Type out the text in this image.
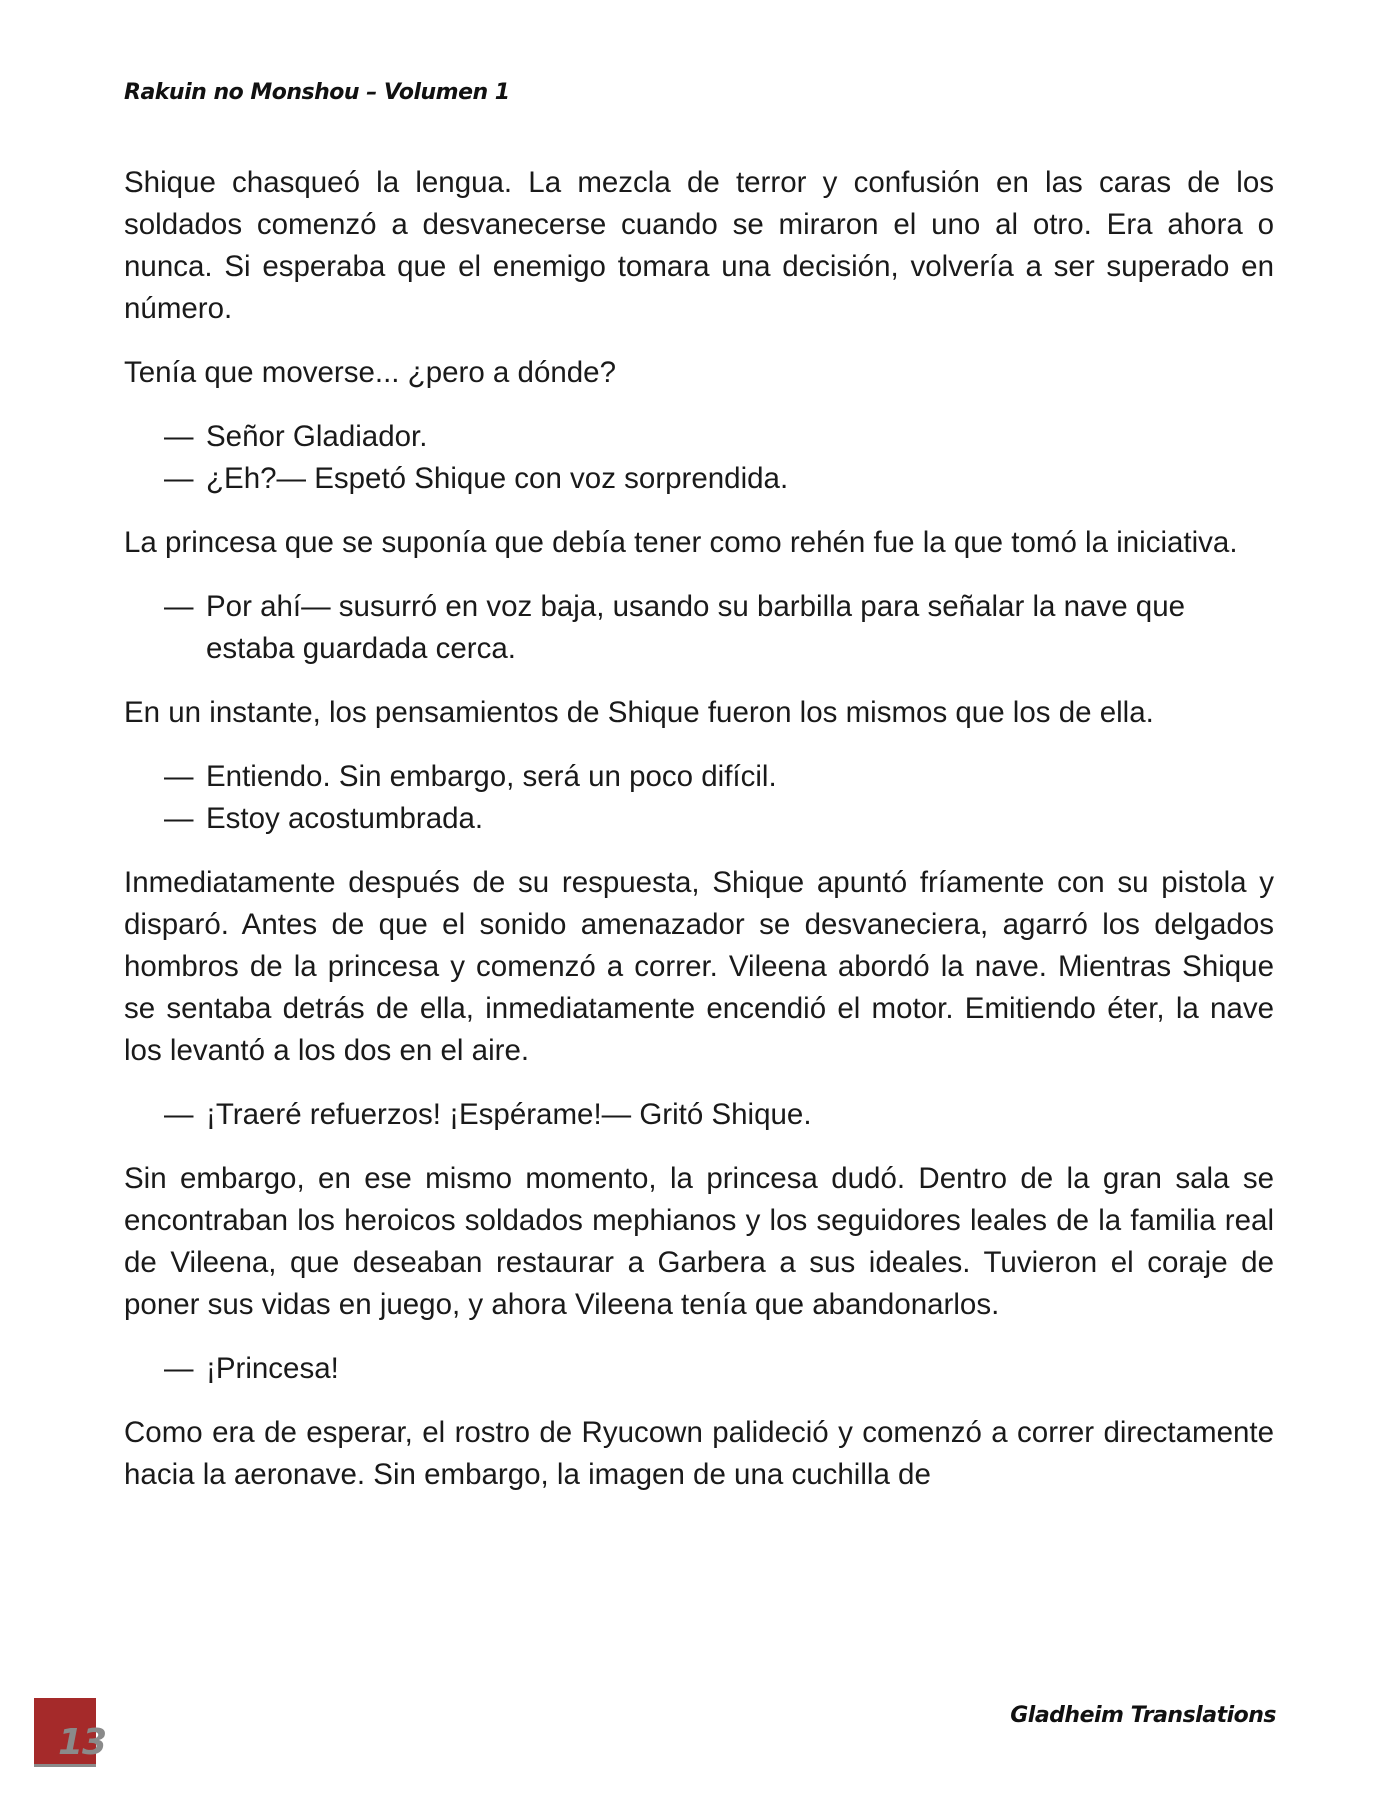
Rakuin no Monshou – Volumen 1

Shique chasqueó la lengua. La mezcla de terror y confusión en las caras de los soldados comenzó a desvanecerse cuando se miraron el uno al otro. Era ahora o nunca. Si esperaba que el enemigo tomara una decisión, volvería a ser superado en número.

Tenía que moverse... ¿pero a dónde?

— Señor Gladiador.
— ¿Eh?— Espetó Shique con voz sorprendida.

La princesa que se suponía que debía tener como rehén fue la que tomó la iniciativa.

— Por ahí— susurró en voz baja, usando su barbilla para señalar la nave que estaba guardada cerca.

En un instante, los pensamientos de Shique fueron los mismos que los de ella.

— Entiendo. Sin embargo, será un poco difícil.
— Estoy acostumbrada.

Inmediatamente después de su respuesta, Shique apuntó fríamente con su pistola y disparó. Antes de que el sonido amenazador se desvaneciera, agarró los delgados hombros de la princesa y comenzó a correr. Vileena abordó la nave. Mientras Shique se sentaba detrás de ella, inmediatamente encendió el motor. Emitiendo éter, la nave los levantó a los dos en el aire.

— ¡Traeré refuerzos! ¡Espérame!— Gritó Shique.

Sin embargo, en ese mismo momento, la princesa dudó. Dentro de la gran sala se encontraban los heroicos soldados mephianos y los seguidores leales de la familia real de Vileena, que deseaban restaurar a Garbera a sus ideales. Tuvieron el coraje de poner sus vidas en juego, y ahora Vileena tenía que abandonarlos.

— ¡Princesa!

Como era de esperar, el rostro de Ryucown palideció y comenzó a correr directamente hacia la aeronave. Sin embargo, la imagen de una cuchilla de

13
Gladheim Translations
